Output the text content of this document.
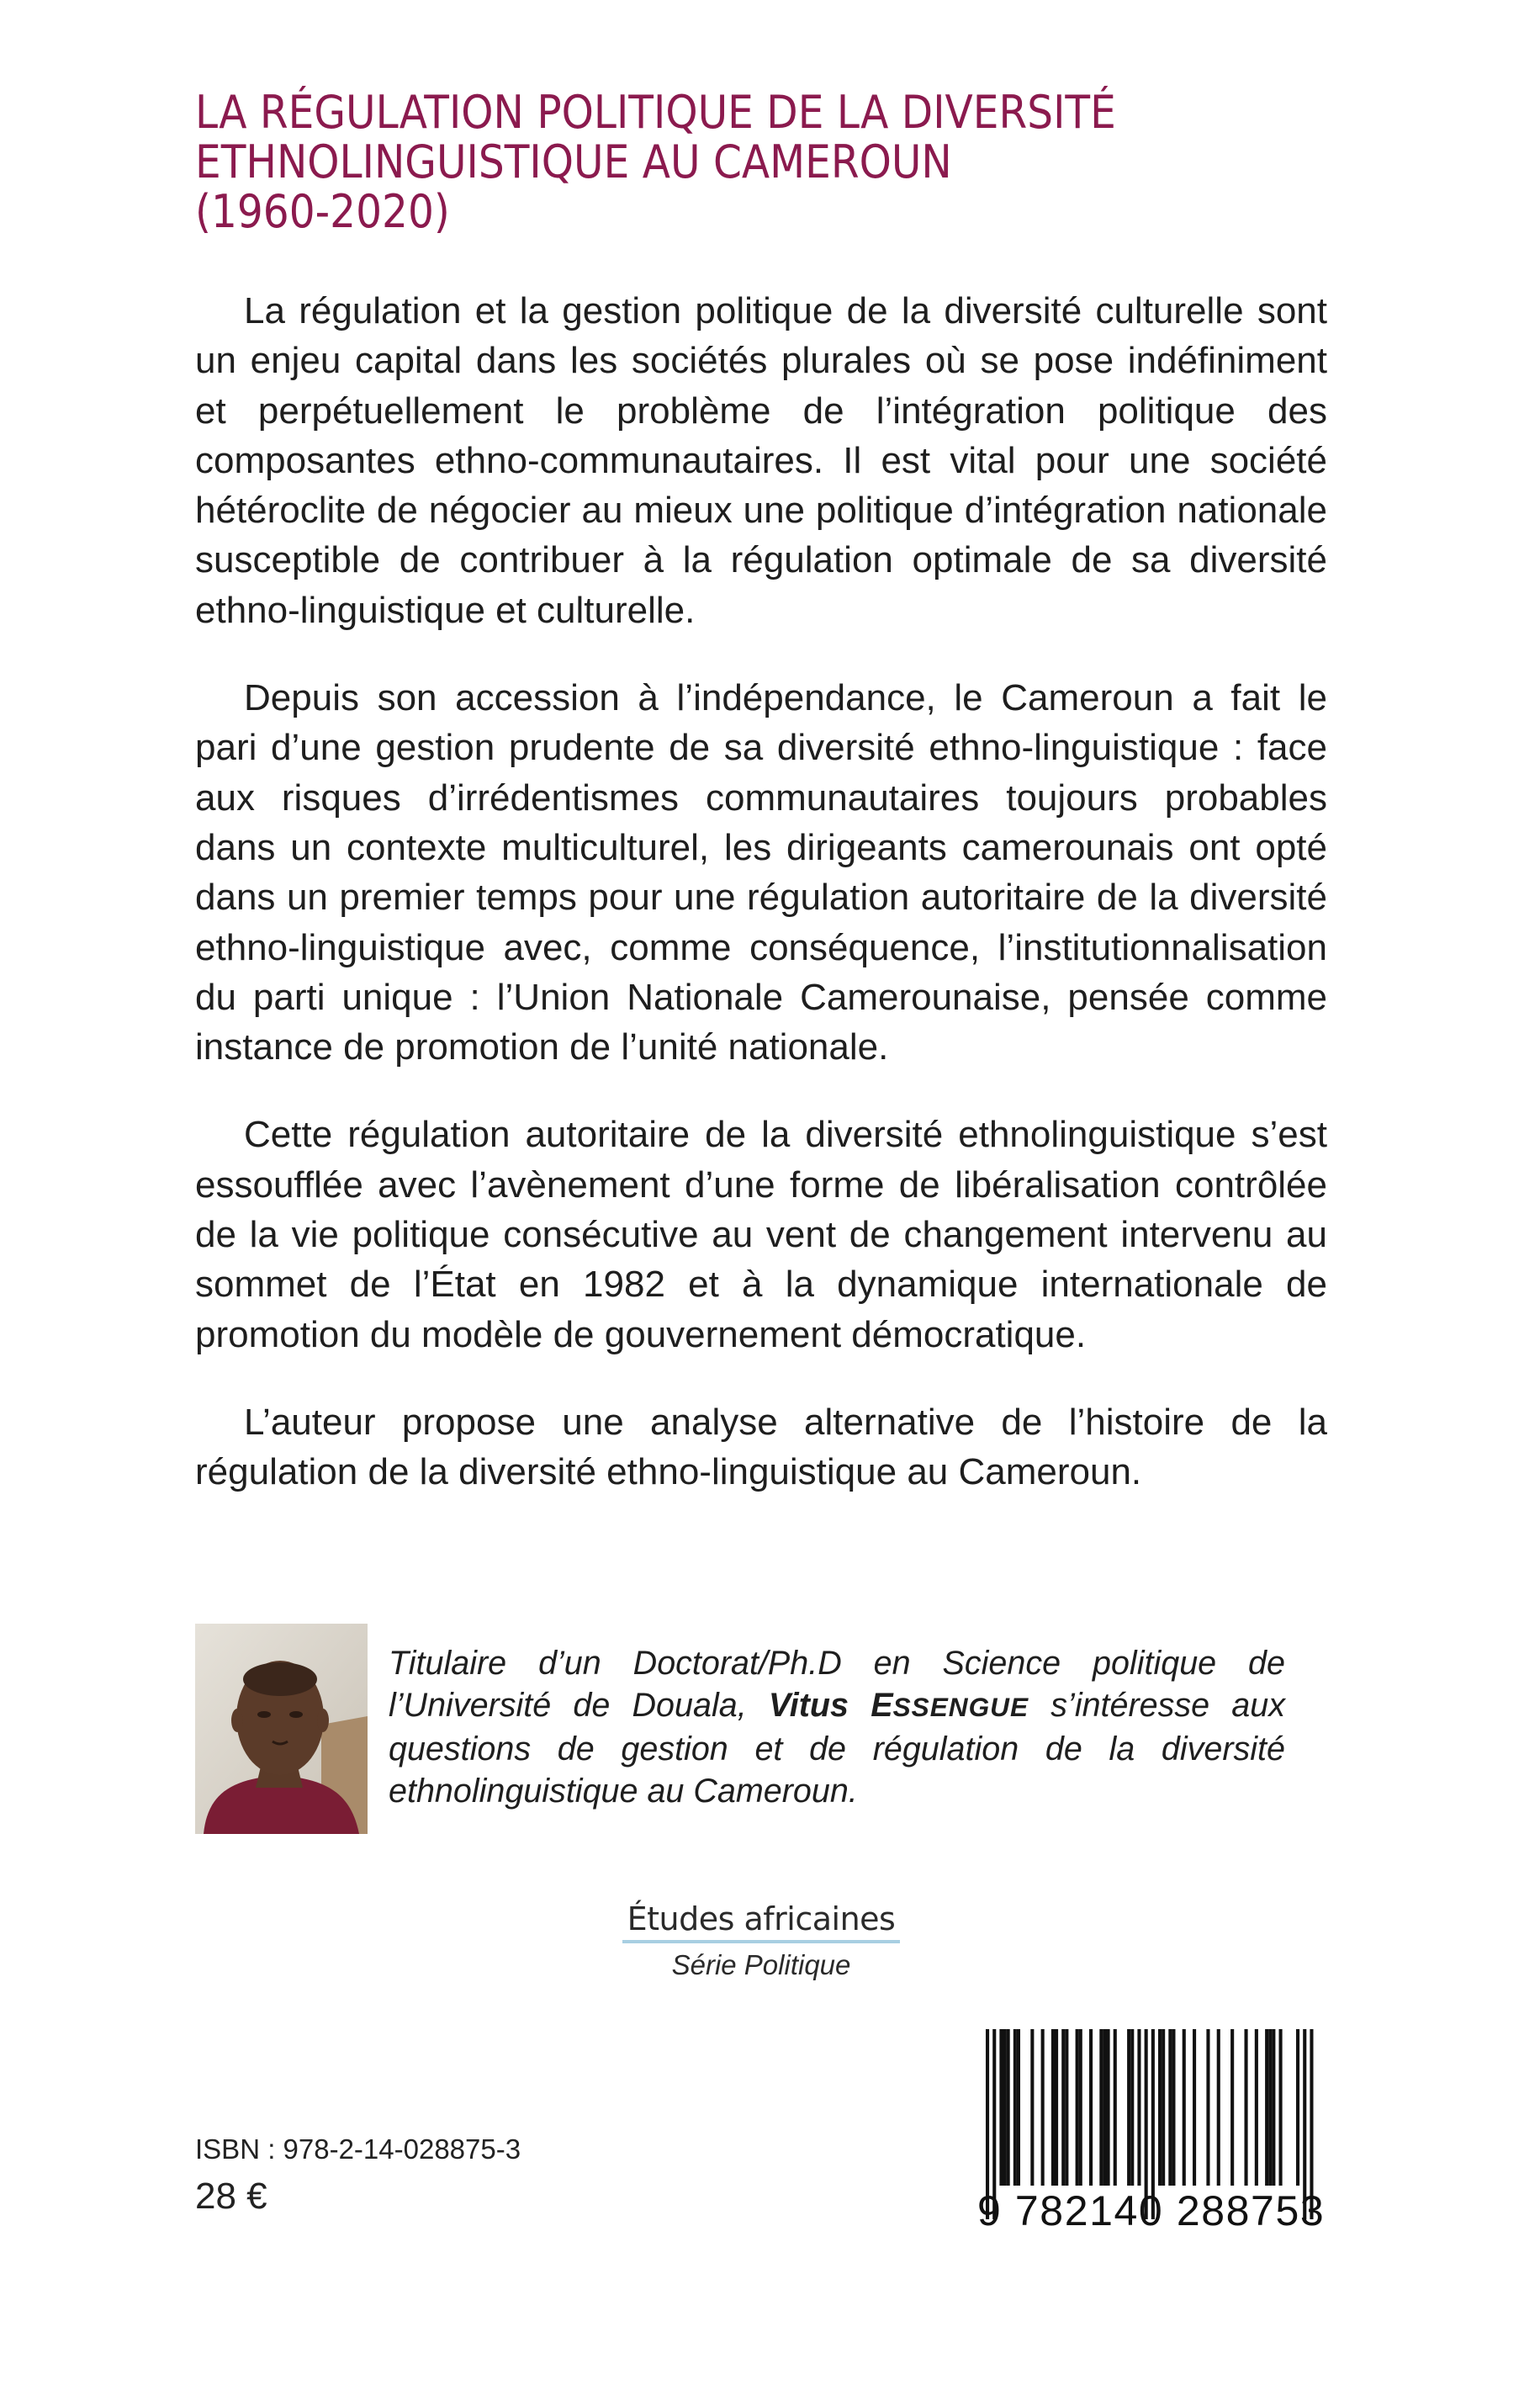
LA RÉGULATION POLITIQUE DE LA DIVERSITÉ
ETHNOLINGUISTIQUE AU CAMEROUN
(1960-2020)

La régulation et la gestion politique de la diversité culturelle sont un enjeu capital dans les sociétés plurales où se pose indéfiniment et perpétuellement le problème de l’intégration politique des composantes ethno-communautaires. Il est vital pour une société hétéroclite de négocier au mieux une politique d’intégration nationale susceptible de contribuer à la régulation optimale de sa diversité ethno-linguistique et culturelle.

Depuis son accession à l’indépendance, le Cameroun a fait le pari d’une gestion prudente de sa diversité ethno-linguistique : face aux risques d’irrédentismes communautaires toujours probables dans un contexte multiculturel, les dirigeants camerounais ont opté dans un premier temps pour une régulation autoritaire de la diversité ethno-linguistique avec, comme conséquence, l’institutionnalisation du parti unique : l’Union Nationale Camerounaise, pensée comme instance de promotion de l’unité nationale.

Cette régulation autoritaire de la diversité ethnolinguistique s’est essoufflée avec l’avènement d’une forme de libéralisation contrôlée de la vie politique consécutive au vent de changement intervenu au sommet de l’État en 1982 et à la dynamique internationale de promotion du modèle de gouvernement démocratique.

L’auteur propose une analyse alternative de l’histoire de la régulation de la diversité ethno-linguistique au Cameroun.

Titulaire d’un Doctorat/Ph.D en Science politique de l’Université de Douala, Vitus ESSENGUE s’intéresse aux questions de gestion et de régulation de la diversité ethnolinguistique au Cameroun.

Études africaines
Série Politique
ISBN : 978-2-14-028875-3
28 €	9 782140 288753
